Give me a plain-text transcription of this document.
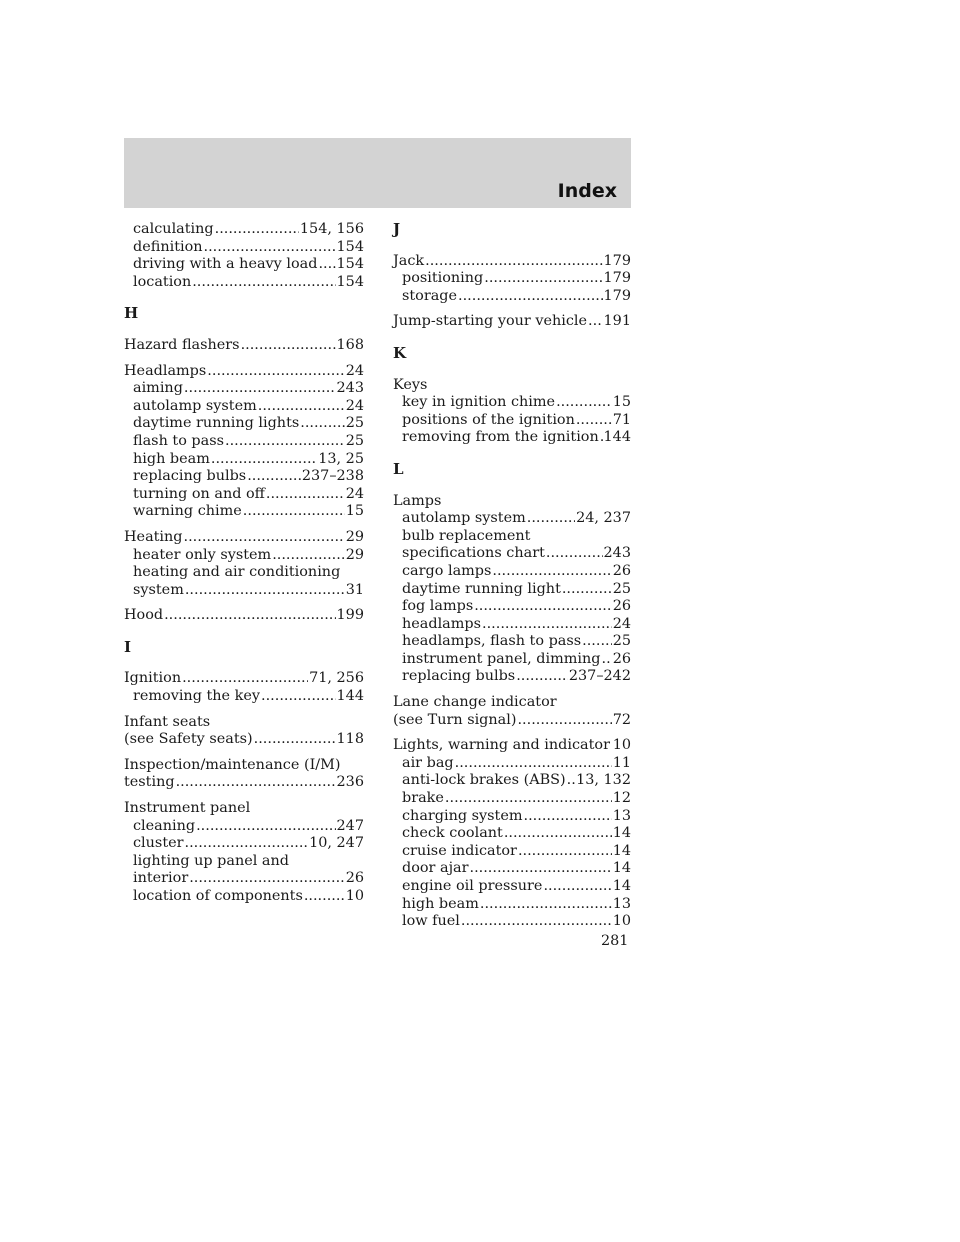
Index
calculating .....	154, 156
definition .....	154
driving with a heavy load ..... 154
location .....	154
H
Hazard flashers .....	168
Headlamps .....	24
aiming .....	243
autolamp system .....	24
daytime running lights .....	25
flash to pass .....	25
high beam .....	13, 25
replacing bulbs .....	237–238
turning on and off .....	24
warning chime .....	15
Heating .....	29
heater only system .....	29
heating and air conditioning
system .....	31
Hood .....	199
I
Ignition .....	71, 256
removing the key .....	144
Infant seats
(see Safety seats) .....	118
Inspection/maintenance (I/M)
testing .....	236
Instrument panel
cleaning .....	247
cluster .....	10, 247
lighting up panel and
interior .....	26
location of components .....	10
J
Jack .....	179
positioning .....	179
storage .....	179
Jump-starting your vehicle ..... 191
K
Keys
key in ignition chime .....	15
positions of the ignition .....	71
removing from the ignition ..... 144
L
Lamps
autolamp system .....	24, 237
bulb replacement
specifications chart .....	243
cargo lamps .....	26
daytime running light .....	25
fog lamps .....	26
headlamps .....	24
headlamps, flash to pass ..... 25
instrument panel, dimming ..... 26
replacing bulbs .....	237–242
Lane change indicator
(see Turn signal) .....	72
Lights, warning and indicator ..... 10
air bag .....	11
anti-lock brakes (ABS) ..... 13, 132
brake .....	12
charging system .....	13
check coolant .....	14
cruise indicator .....	14
door ajar .....	14
engine oil pressure .....	14
high beam .....	13
low fuel .....	10
281
